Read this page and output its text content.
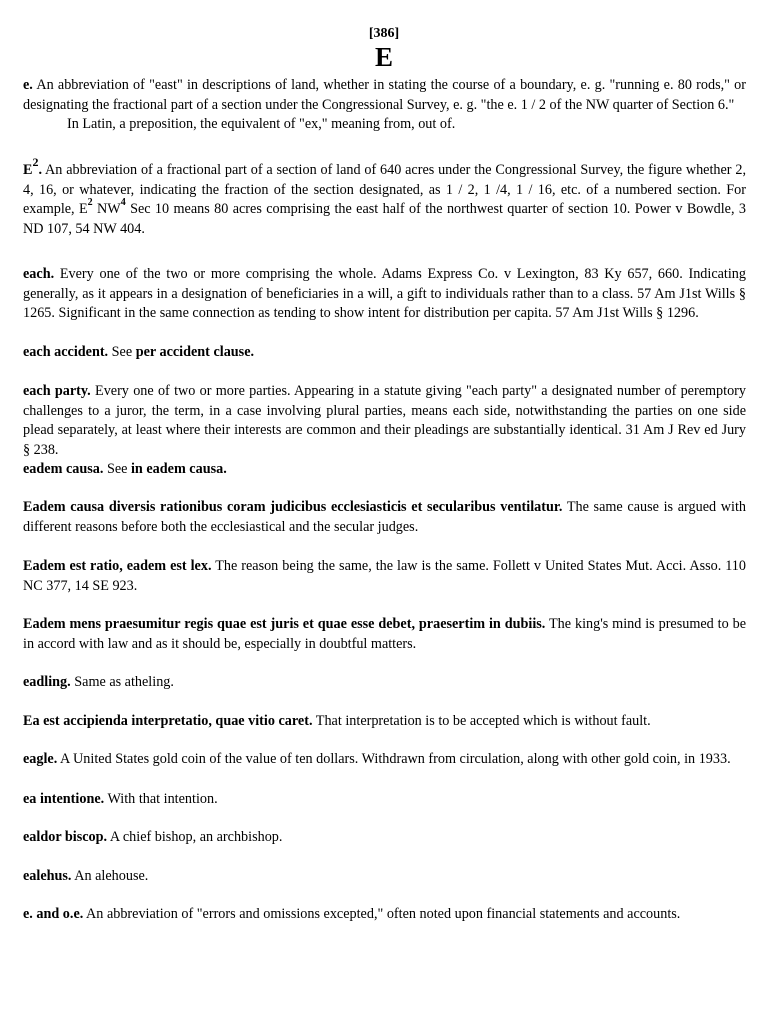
[386]
E

e. An abbreviation of "east" in descriptions of land, whether in stating the course of a boundary, e. g. "running e. 80 rods," or designating the fractional part of a section under the Congressional Survey, e. g. "the e. 1 / 2 of the NW quarter of Section 6."
In Latin, a preposition, the equivalent of "ex," meaning from, out of.

$E^2$. An abbreviation of a fractional part of a section of land of 640 acres under the Congressional Survey, the figure whether 2, 4, 16, or whatever, indicating the fraction of the section designated, as 1 / 2, 1 /4, 1 / 16, etc. of a numbered section. For example, $E^2$ $NW^4$ Sec 10 means 80 acres comprising the east half of the northwest quarter of section 10. Power v Bowdle, 3 ND 107, 54 NW 404.

each. Every one of the two or more comprising the whole. Adams Express Co. v Lexington, 83 Ky 657, 660. Indicating generally, as it appears in a designation of beneficiaries in a will, a gift to individuals rather than to a class. 57 Am J1st Wills § 1265. Significant in the same connection as tending to show intent for distribution per capita. 57 Am J1st Wills § 1296.

each accident. See per accident clause.

each party. Every one of two or more parties. Appearing in a statute giving "each party" a designated number of peremptory challenges to a juror, the term, in a case involving plural parties, means each side, notwithstanding the parties on one side plead separately, at least where their interests are common and their pleadings are substantially identical. 31 Am J Rev ed Jury § 238.

eadem causa. See in eadem causa.

Eadem causa diversis rationibus coram judicibus ecclesiasticis et secularibus ventilatur. The same cause is argued with different reasons before both the ecclesiastical and the secular judges.

Eadem est ratio, eadem est lex. The reason being the same, the law is the same. Follett v United States Mut. Acci. Asso. 110 NC 377, 14 SE 923.

Eadem mens praesumitur regis quae est juris et quae esse debet, praesertim in dubiis. The king's mind is presumed to be in accord with law and as it should be, especially in doubtful matters.

eadling. Same as atheling.

Ea est accipienda interpretatio, quae vitio caret. That interpretation is to be accepted which is without fault.

eagle. A United States gold coin of the value of ten dollars. Withdrawn from circulation, along with other gold coin, in 1933.

ea intentione. With that intention.

ealdor biscop. A chief bishop, an archbishop.

ealehus. An alehouse.

e. and o.e. An abbreviation of "errors and omissions excepted," often noted upon financial statements and accounts.
